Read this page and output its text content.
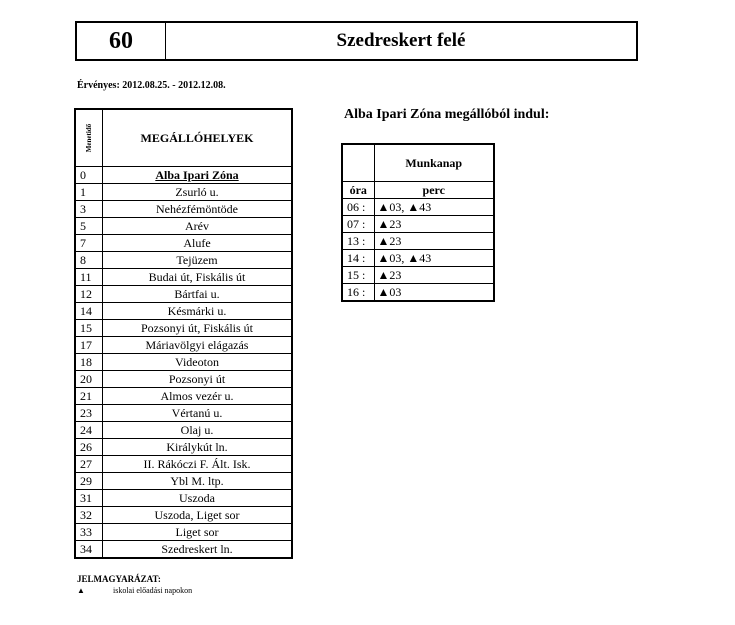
60	Szedreskert felé
Érvényes: 2012.08.25. - 2012.12.08.
Menetidő	MEGÁLLÓHELYEK
0	Alba Ipari Zóna
1	Zsurló u.
3	Nehézfémöntöde
5	Arév
7	Alufe
8	Tejüzem
11	Budai út, Fiskális út
12	Bártfai u.
14	Késmárki u.
15	Pozsonyi út, Fiskális út
17	Máriavölgyi elágazás
18	Videoton
20	Pozsonyi út
21	Almos vezér u.
23	Vértanú u.
24	Olaj u.
26	Királykút ln.
27	II. Rákóczi F. Ált. Isk.
29	Ybl M. ltp.
31	Uszoda
32	Uszoda, Liget sor
33	Liget sor
34	Szedreskert ln.
Alba Ipari Zóna megállóból indul:
	Munkanap
óra	perc
06 :	▲03, ▲43
07 :	▲23
13 :	▲23
14 :	▲03, ▲43
15 :	▲23
16 :	▲03
JELMAGYARÁZAT:
▲	iskolai előadási napokon
